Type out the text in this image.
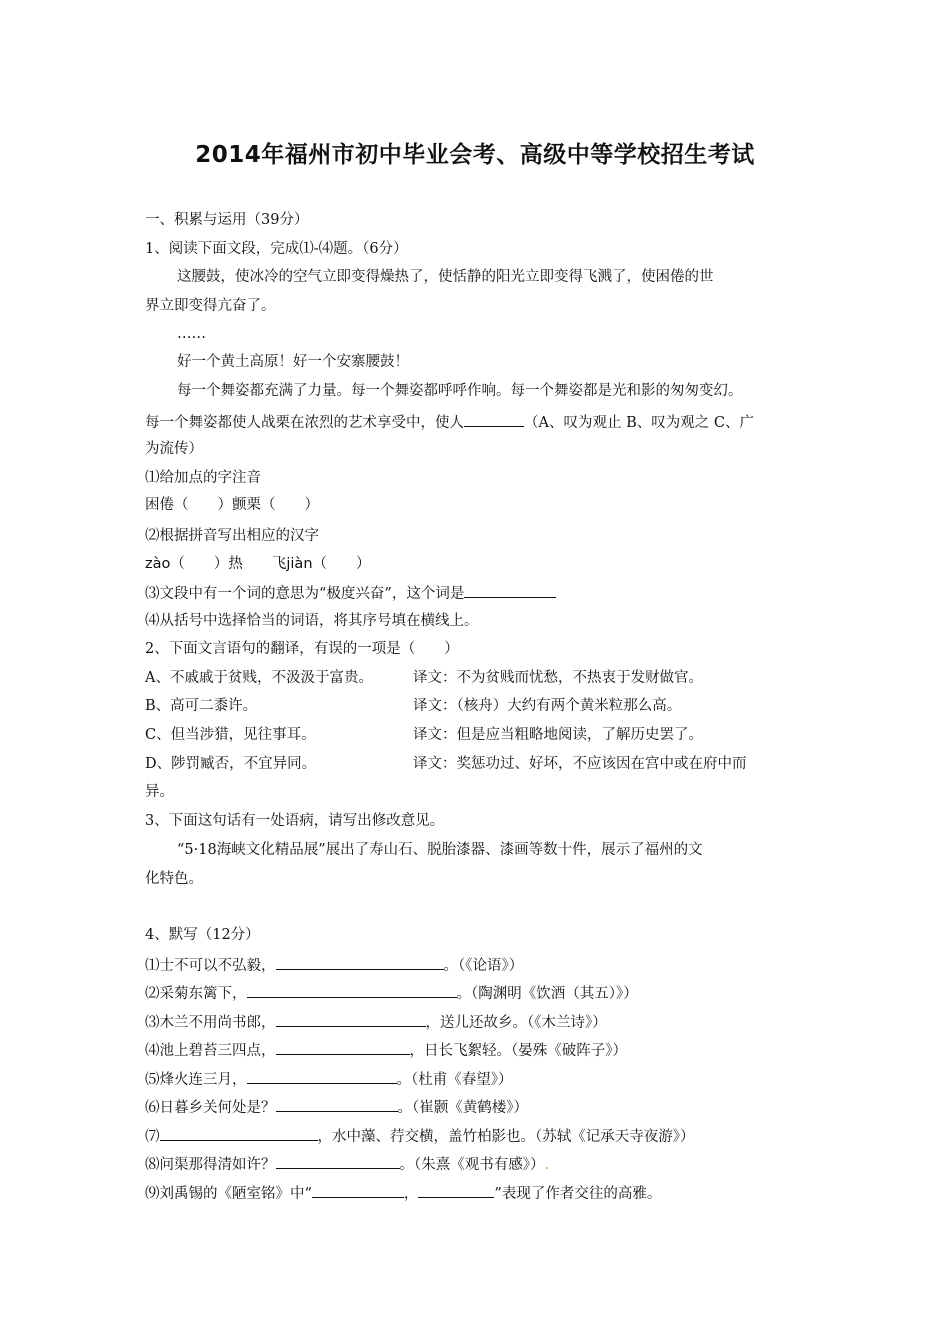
2014年福州市初中毕业会考、高级中等学校招生考试
一、积累与运用（39分）
1、阅读下面文段，完成⑴-⑷题。（6分）
这腰鼓，使冰冷的空气立即变得燥热了，使恬静的阳光立即变得飞溅了，使困倦的世
界立即变得亢奋了。
……
好一个黄土高原！好一个安寨腰鼓！
每一个舞姿都充满了力量。每一个舞姿都呼呼作响。每一个舞姿都是光和影的匆匆变幻。
每一个舞姿都使人战栗在浓烈的艺术享受中，使人	（A、叹为观止 B、叹为观之 C、广
为流传）
⑴给加点的字注音
困倦（　　）颤栗（　　）
⑵根据拼音写出相应的汉字
zào（　　）热　　飞jiàn（　　）
⑶文段中有一个词的意思为“极度兴奋”，这个词是
⑷从括号中选择恰当的词语，将其序号填在横线上。
2、下面文言语句的翻译，有误的一项是（　　）
A、不戚戚于贫贱，不汲汲于富贵。	译文：不为贫贱而忧愁，不热衷于发财做官。
B、高可二黍许。	译文：（核舟）大约有两个黄米粒那么高。
C、但当涉猎，见往事耳。	译文：但是应当粗略地阅读，了解历史罢了。
D、陟罚臧否，不宜异同。	译文：奖惩功过、好坏，不应该因在宫中或在府中而
异。
3、下面这句话有一处语病，请写出修改意见。
“5·18海峡文化精品展”展出了寿山石、脱胎漆器、漆画等数十件，展示了福州的文
化特色。
4、默写（12分）
⑴士不可以不弘毅，	。（《论语》）
⑵采菊东篱下，	。（陶渊明《饮酒（其五）》）
⑶木兰不用尚书郎，	，送儿还故乡。（《木兰诗》）
⑷池上碧苔三四点，	，日长飞絮轻。（晏殊《破阵子》）
⑸烽火连三月，	。（杜甫《春望》）
⑹日暮乡关何处是？	。（崔颢《黄鹤楼》）
⑺	，水中藻、荇交横，盖竹柏影也。（苏轼《记承天寺夜游》）
⑻问渠那得清如许？	。（朱熹《观书有感》）.
⑼刘禹锡的《陋室铭》中“	，	”表现了作者交往的高雅。
